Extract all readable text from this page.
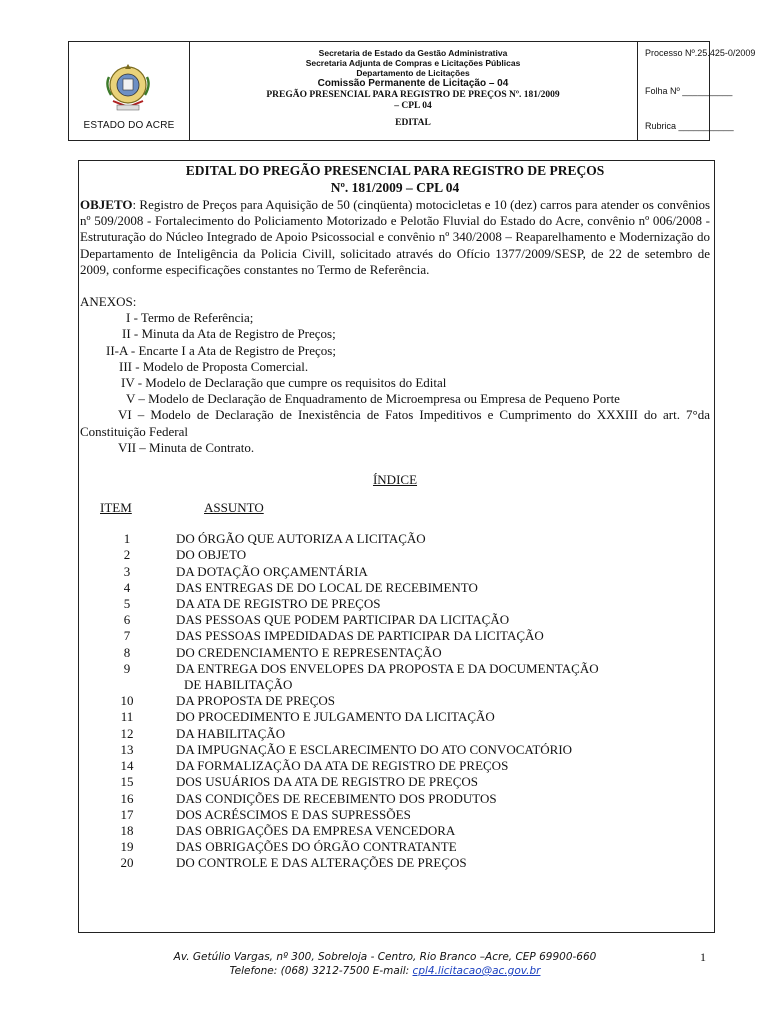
ESTADO DO ACRE
Secretaria de Estado da Gestão Administrativa
Secretaria Adjunta de Compras e Licitações Públicas
Departamento de Licitações
Comissão Permanente de Licitação – 04
PREGÃO PRESENCIAL PARA REGISTRO DE PREÇOS Nº. 181/2009
– CPL 04
EDITAL
Processo Nº.25.425-0/2009
Folha Nº __________
Rubrica ___________
EDITAL DO PREGÃO PRESENCIAL PARA REGISTRO DE PREÇOS
Nº. 181/2009 – CPL 04
OBJETO: Registro de Preços para Aquisição de 50 (cinqüenta) motocicletas e 10 (dez) carros para atender os convênios nº 509/2008 - Fortalecimento do Policiamento Motorizado e Pelotão Fluvial do Estado do Acre, convênio nº 006/2008 - Estruturação do Núcleo Integrado de Apoio Psicossocial e convênio nº 340/2008 – Reaparelhamento e Modernização do Departamento de Inteligência da Policia Civill, solicitado através do Ofício 1377/2009/SESP, de 22 de setembro de 2009, conforme especificações constantes no Termo de Referência.
ANEXOS:
I - Termo de Referência;
II - Minuta da Ata de Registro de Preços;
II-A - Encarte I a Ata de Registro de Preços;
III - Modelo de Proposta Comercial.
IV - Modelo de Declaração que cumpre os requisitos do Edital
V – Modelo de Declaração de Enquadramento de Microempresa ou Empresa de Pequeno Porte
VI – Modelo de Declaração de Inexistência de Fatos Impeditivos e Cumprimento do XXXIII do art. 7°da Constituição Federal
VII – Minuta de Contrato.
ÍNDICE
ITEM	ASSUNTO
1	DO ÓRGÃO QUE AUTORIZA A LICITAÇÃO
2	DO OBJETO
3	DA DOTAÇÃO ORÇAMENTÁRIA
4	DAS ENTREGAS DE DO LOCAL DE RECEBIMENTO
5	DA ATA DE REGISTRO DE PREÇOS
6	DAS PESSOAS QUE PODEM PARTICIPAR DA LICITAÇÃO
7	DAS PESSOAS IMPEDIDADAS DE PARTICIPAR DA LICITAÇÃO
8	DO CREDENCIAMENTO E REPRESENTAÇÃO
9	DA ENTREGA DOS ENVELOPES DA PROPOSTA E DA DOCUMENTAÇÃO
DE HABILITAÇÃO
10	DA PROPOSTA DE PREÇOS
11	DO PROCEDIMENTO E JULGAMENTO DA LICITAÇÃO
12	DA HABILITAÇÃO
13	DA IMPUGNAÇÃO E ESCLARECIMENTO DO ATO CONVOCATÓRIO
14	DA FORMALIZAÇÃO DA ATA DE REGISTRO DE PREÇOS
15	DOS USUÁRIOS DA ATA DE REGISTRO DE PREÇOS
16	DAS CONDIÇÕES DE RECEBIMENTO DOS PRODUTOS
17	DOS ACRÉSCIMOS E DAS SUPRESSÕES
18	DAS OBRIGAÇÕES DA EMPRESA VENCEDORA
19	DAS OBRIGAÇÕES DO ÓRGÃO CONTRATANTE
20	DO CONTROLE E DAS ALTERAÇÕES DE PREÇOS
Av. Getúlio Vargas, nº 300, Sobreloja - Centro, Rio Branco –Acre, CEP 69900-660
Telefone: (068) 3212-7500 E-mail: cpl4.licitacao@ac.gov.br
1
